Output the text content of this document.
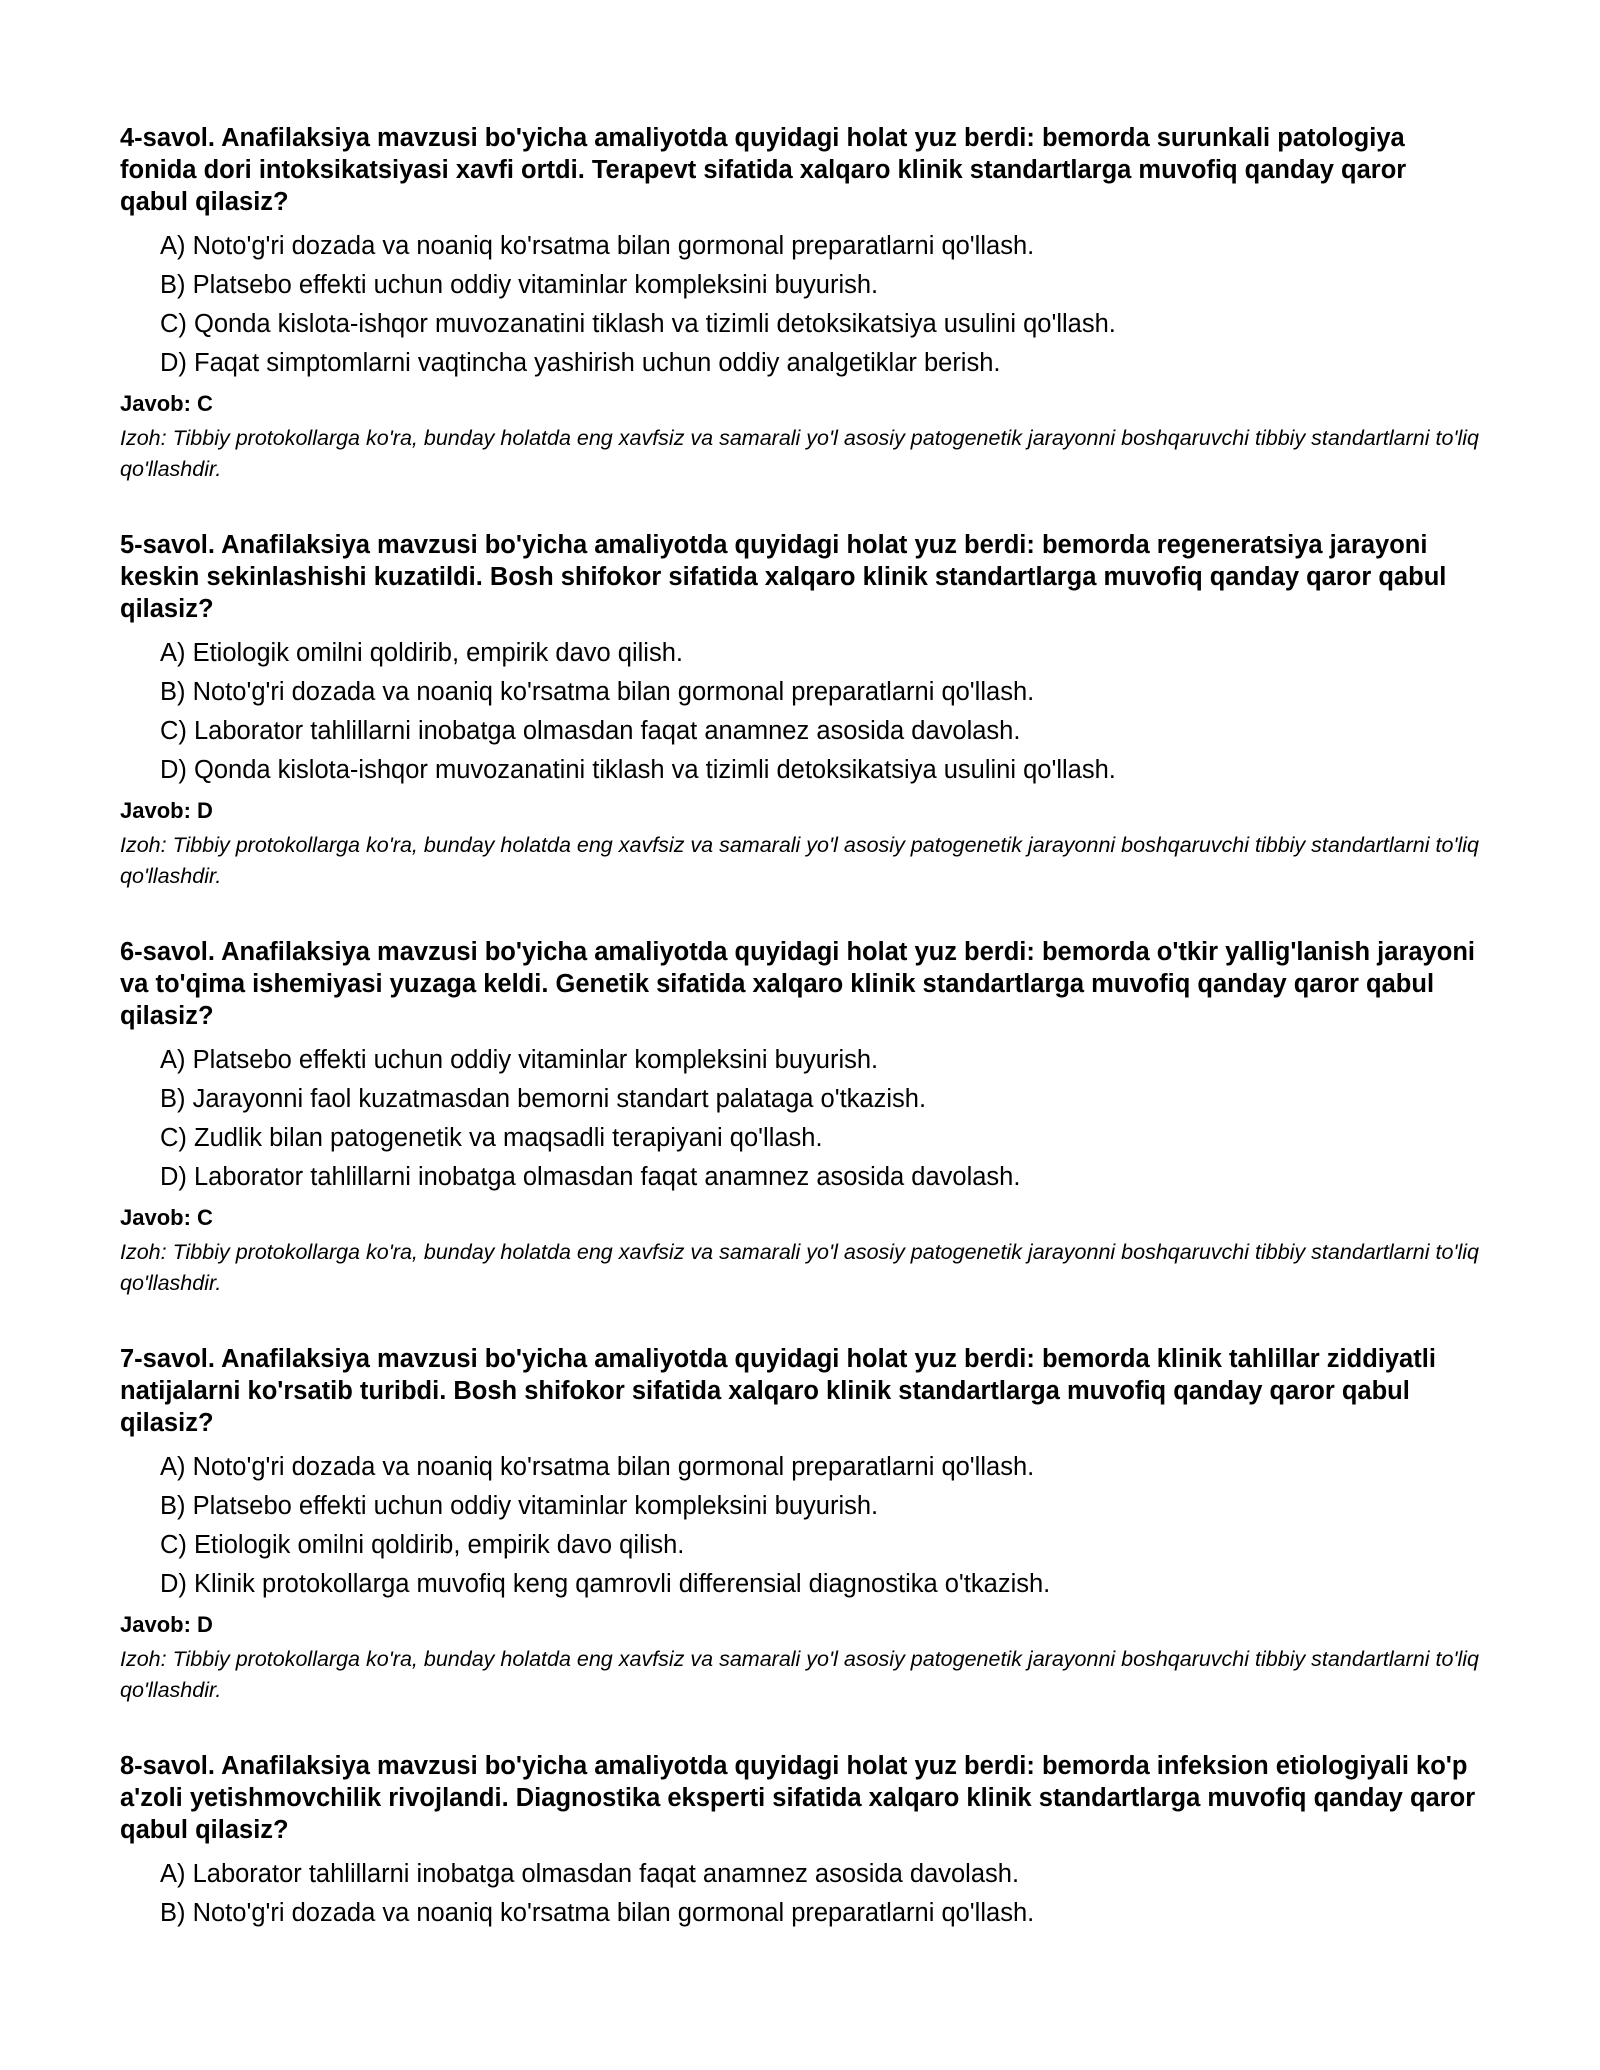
4-savol. Anafilaksiya mavzusi bo'yicha amaliyotda quyidagi holat yuz berdi: bemorda surunkali patologiya fonida dori intoksikatsiyasi xavfi ortdi. Terapevt sifatida xalqaro klinik standartlarga muvofiq qanday qaror qabul qilasiz?

A) Noto'g'ri dozada va noaniq ko'rsatma bilan gormonal preparatlarni qo'llash.
B) Platsebo effekti uchun oddiy vitaminlar kompleksini buyurish.
C) Qonda kislota-ishqor muvozanatini tiklash va tizimli detoksikatsiya usulini qo'llash.
D) Faqat simptomlarni vaqtincha yashirish uchun oddiy analgetiklar berish.
Javob: C
Izoh: Tibbiy protokollarga ko'ra, bunday holatda eng xavfsiz va samarali yo'l asosiy patogenetik jarayonni boshqaruvchi tibbiy standartlarni to'liq qo'llashdir.

5-savol. Anafilaksiya mavzusi bo'yicha amaliyotda quyidagi holat yuz berdi: bemorda regeneratsiya jarayoni keskin sekinlashishi kuzatildi. Bosh shifokor sifatida xalqaro klinik standartlarga muvofiq qanday qaror qabul qilasiz?

A) Etiologik omilni qoldirib, empirik davo qilish.
B) Noto'g'ri dozada va noaniq ko'rsatma bilan gormonal preparatlarni qo'llash.
C) Laborator tahlillarni inobatga olmasdan faqat anamnez asosida davolash.
D) Qonda kislota-ishqor muvozanatini tiklash va tizimli detoksikatsiya usulini qo'llash.
Javob: D
Izoh: Tibbiy protokollarga ko'ra, bunday holatda eng xavfsiz va samarali yo'l asosiy patogenetik jarayonni boshqaruvchi tibbiy standartlarni to'liq qo'llashdir.

6-savol. Anafilaksiya mavzusi bo'yicha amaliyotda quyidagi holat yuz berdi: bemorda o'tkir yallig'lanish jarayoni va to'qima ishemiyasi yuzaga keldi. Genetik sifatida xalqaro klinik standartlarga muvofiq qanday qaror qabul qilasiz?

A) Platsebo effekti uchun oddiy vitaminlar kompleksini buyurish.
B) Jarayonni faol kuzatmasdan bemorni standart palataga o'tkazish.
C) Zudlik bilan patogenetik va maqsadli terapiyani qo'llash.
D) Laborator tahlillarni inobatga olmasdan faqat anamnez asosida davolash.
Javob: C
Izoh: Tibbiy protokollarga ko'ra, bunday holatda eng xavfsiz va samarali yo'l asosiy patogenetik jarayonni boshqaruvchi tibbiy standartlarni to'liq qo'llashdir.

7-savol. Anafilaksiya mavzusi bo'yicha amaliyotda quyidagi holat yuz berdi: bemorda klinik tahlillar ziddiyatli natijalarni ko'rsatib turibdi. Bosh shifokor sifatida xalqaro klinik standartlarga muvofiq qanday qaror qabul qilasiz?

A) Noto'g'ri dozada va noaniq ko'rsatma bilan gormonal preparatlarni qo'llash.
B) Platsebo effekti uchun oddiy vitaminlar kompleksini buyurish.
C) Etiologik omilni qoldirib, empirik davo qilish.
D) Klinik protokollarga muvofiq keng qamrovli differensial diagnostika o'tkazish.
Javob: D
Izoh: Tibbiy protokollarga ko'ra, bunday holatda eng xavfsiz va samarali yo'l asosiy patogenetik jarayonni boshqaruvchi tibbiy standartlarni to'liq qo'llashdir.

8-savol. Anafilaksiya mavzusi bo'yicha amaliyotda quyidagi holat yuz berdi: bemorda infeksion etiologiyali ko'p a'zoli yetishmovchilik rivojlandi. Diagnostika eksperti sifatida xalqaro klinik standartlarga muvofiq qanday qaror qabul qilasiz?

A) Laborator tahlillarni inobatga olmasdan faqat anamnez asosida davolash.
B) Noto'g'ri dozada va noaniq ko'rsatma bilan gormonal preparatlarni qo'llash.
